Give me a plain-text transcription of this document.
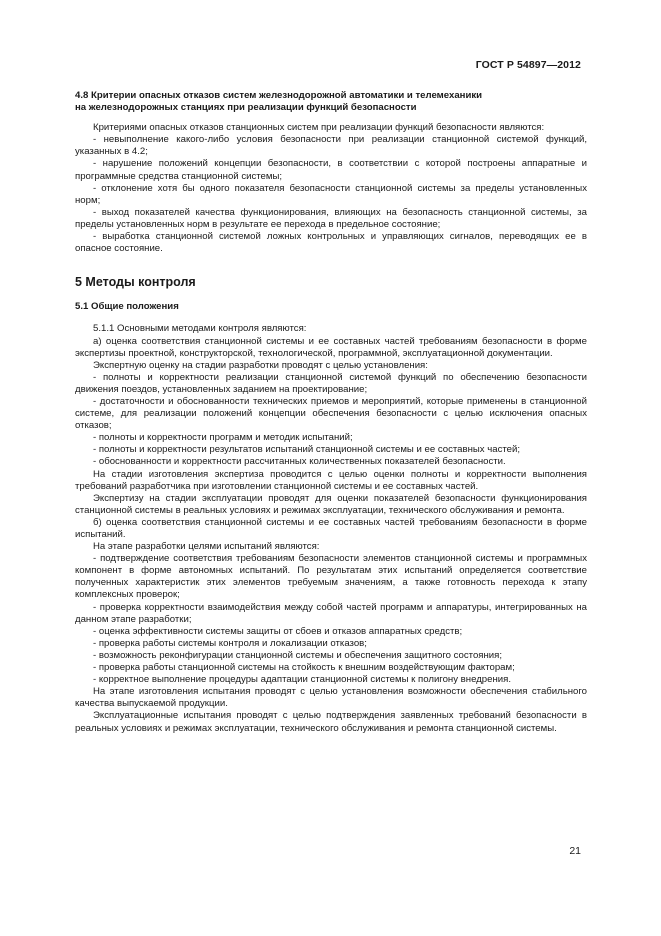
ГОСТ Р 54897—2012
4.8 Критерии опасных отказов систем железнодорожной автоматики и телемеханики
на железнодорожных станциях при реализации функций безопасности

Критериями опасных отказов станционных систем при реализации функций безопасности являются:

- невыполнение какого-либо условия безопасности при реализации станционной системой функций, указанных в 4.2;

- нарушение положений концепции безопасности, в соответствии с которой построены аппаратные и программные средства станционной системы;

- отклонение хотя бы одного показателя безопасности станционной системы за пределы установленных норм;

- выход показателей качества функционирования, влияющих на безопасность станционной системы, за пределы установленных норм в результате ее перехода в предельное состояние;

- выработка станционной системой ложных контрольных и управляющих сигналов, переводящих ее в опасное состояние.

5 Методы контроля

5.1 Общие положения

5.1.1 Основными методами контроля являются:

а) оценка соответствия станционной системы и ее составных частей требованиям безопасности в форме экспертизы проектной, конструкторской, технологической, программной, эксплуатационной документации.

Экспертную оценку на стадии разработки проводят с целью установления:

- полноты и корректности реализации станционной системой функций по обеспечению безопасности движения поездов, установленных заданием на проектирование;

- достаточности и обоснованности технических приемов и мероприятий, которые применены в станционной системе, для реализации положений концепции обеспечения безопасности с целью исключения опасных отказов;

- полноты и корректности программ и методик испытаний;

- полноты и корректности результатов испытаний станционной системы и ее составных частей;

- обоснованности и корректности рассчитанных количественных показателей безопасности.

На стадии изготовления экспертиза проводится с целью оценки полноты и корректности выполнения требований разработчика при изготовлении станционной системы и ее составных частей.

Экспертизу на стадии эксплуатации проводят для оценки показателей безопасности функционирования станционной системы в реальных условиях и режимах эксплуатации, технического обслуживания и ремонта.

б) оценка соответствия станционной системы и ее составных частей требованиям безопасности в форме испытаний.

На этапе разработки целями испытаний являются:

- подтверждение соответствия требованиям безопасности элементов станционной системы и программных компонент в форме автономных испытаний. По результатам этих испытаний определяется соответствие полученных характеристик этих элементов требуемым значениям, а также готовность перехода к этапу комплексных проверок;

- проверка корректности взаимодействия между собой частей программ и аппаратуры, интегрированных на данном этапе разработки;

- оценка эффективности системы защиты от сбоев и отказов аппаратных средств;

- проверка работы системы контроля и локализации отказов;

- возможность реконфигурации станционной системы и обеспечения защитного состояния;

- проверка работы станционной системы на стойкость к внешним воздействующим факторам;

- корректное выполнение процедуры адаптации станционной системы к полигону внедрения.

На этапе изготовления испытания проводят с целью установления возможности обеспечения стабильного качества выпускаемой продукции.

Эксплуатационные испытания проводят с целью подтверждения заявленных требований безопасности в реальных условиях и режимах эксплуатации, технического обслуживания и ремонта станционной системы.

21
